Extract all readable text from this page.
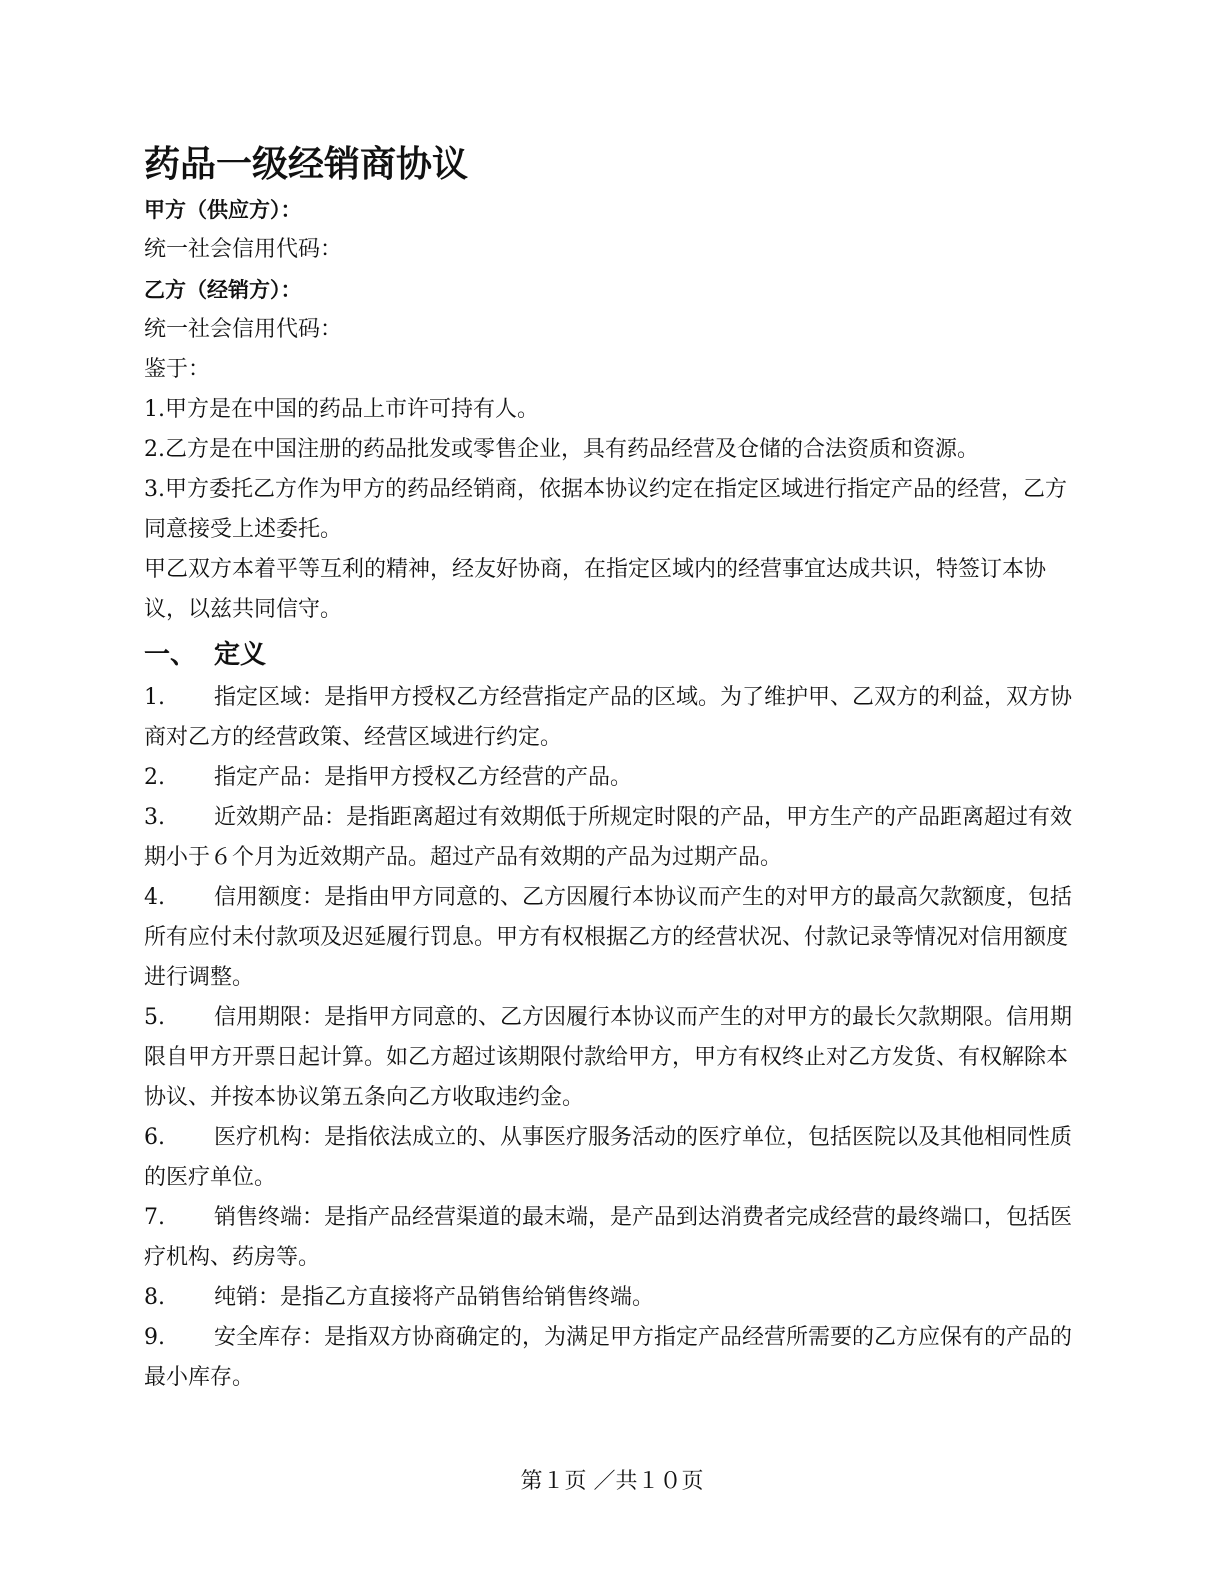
药品一级经销商协议

甲方（供应方）：

统一社会信用代码：

乙方（经销方）：

统一社会信用代码：

鉴于：

1.甲方是在中国的药品上市许可持有人。

2.乙方是在中国注册的药品批发或零售企业，具有药品经营及仓储的合法资质和资源。

3.甲方委托乙方作为甲方的药品经销商，依据本协议约定在指定区域进行指定产品的经营，乙方同意接受上述委托。

甲乙双方本着平等互利的精神，经友好协商，在指定区域内的经营事宜达成共识，特签订本协议，以兹共同信守。

一、 定义

1. 指定区域：是指甲方授权乙方经营指定产品的区域。为了维护甲、乙双方的利益，双方协商对乙方的经营政策、经营区域进行约定。

2. 指定产品：是指甲方授权乙方经营的产品。

3. 近效期产品：是指距离超过有效期低于所规定时限的产品，甲方生产的产品距离超过有效期小于６个月为近效期产品。超过产品有效期的产品为过期产品。

4. 信用额度：是指由甲方同意的、乙方因履行本协议而产生的对甲方的最高欠款额度，包括所有应付未付款项及迟延履行罚息。甲方有权根据乙方的经营状况、付款记录等情况对信用额度进行调整。

5. 信用期限：是指甲方同意的、乙方因履行本协议而产生的对甲方的最长欠款期限。信用期限自甲方开票日起计算。如乙方超过该期限付款给甲方，甲方有权终止对乙方发货、有权解除本协议、并按本协议第五条向乙方收取违约金。

6. 医疗机构：是指依法成立的、从事医疗服务活动的医疗单位，包括医院以及其他相同性质的医疗单位。

7. 销售终端：是指产品经营渠道的最末端，是产品到达消费者完成经营的最终端口，包括医疗机构、药房等。

8. 纯销：是指乙方直接将产品销售给销售终端。

9. 安全库存：是指双方协商确定的，为满足甲方指定产品经营所需要的乙方应保有的产品的最小库存。

第１页 ／共１０页
